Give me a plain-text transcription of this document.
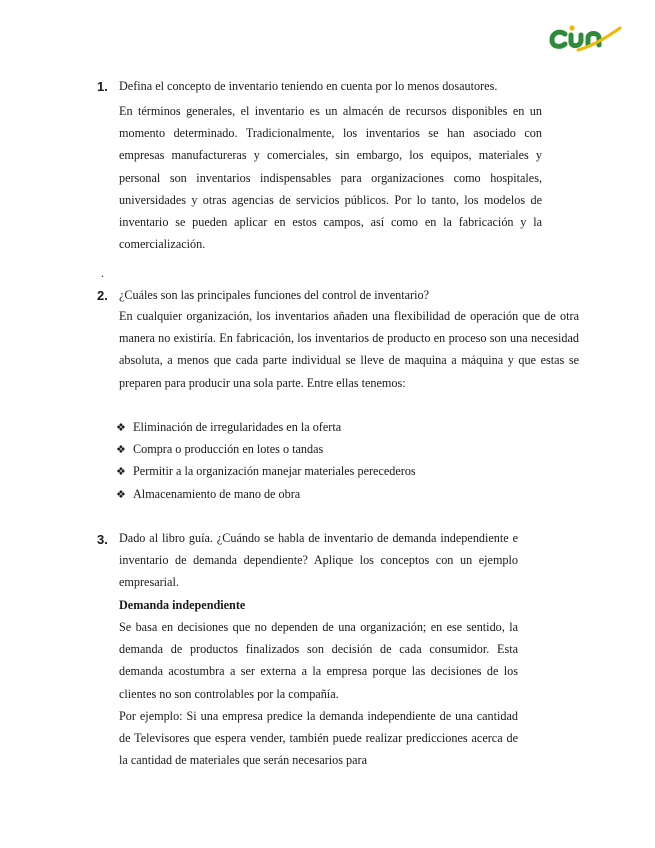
1. Defina el concepto de inventario teniendo en cuenta por lo menos dosautores.

En términos generales, el inventario es un almacén de recursos disponibles en un momento determinado. Tradicionalmente, los inventarios se han asociado con empresas manufactureras y comerciales, sin embargo, los equipos, materiales y personal son inventarios indispensables para organizaciones como hospitales, universidades y otras agencias de servicios públicos. Por lo tanto, los modelos de inventario se pueden aplicar en estos campos, así como en la fabricación y la comercialización.

.
2. ¿Cuáles son las principales funciones del control de inventario?

En cualquier organización, los inventarios añaden una flexibilidad de operación que de otra manera no existiría. En fabricación, los inventarios de producto en proceso son una necesidad absoluta, a menos que cada parte individual se lleve de maquina a máquina y que estas se preparen para producir una sola parte. Entre ellas tenemos:

❖ Eliminación de irregularidades en la oferta
❖ Compra o producción en lotes o tandas
❖ Permitir a la organización manejar materiales perecederos
❖ Almacenamiento de mano de obra
3. Dado al libro guía. ¿Cuándo se habla de inventario de demanda independiente e inventario de demanda dependiente? Aplique los conceptos con un ejemplo empresarial.

Demanda independiente

Se basa en decisiones que no dependen de una organización; en ese sentido, la demanda de productos finalizados son decisión de cada consumidor. Esta demanda acostumbra a ser externa a la empresa porque las decisiones de los clientes no son controlables por la compañía.

Por ejemplo: Si una empresa predice la demanda independiente de una cantidad de Televisores que espera vender, también puede realizar predicciones acerca de la cantidad de materiales que serán necesarios para
